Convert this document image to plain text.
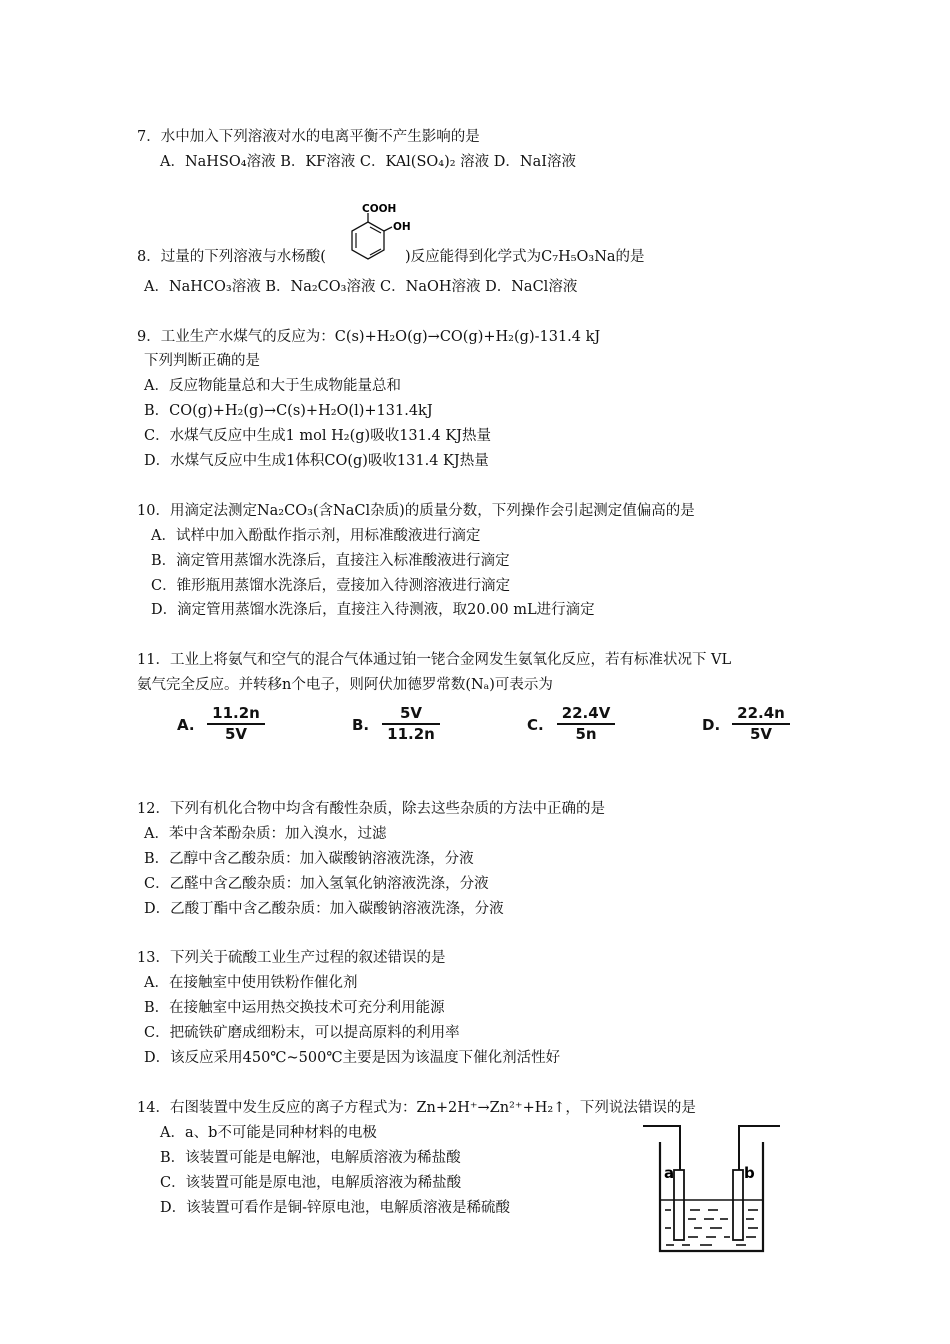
7．水中加入下列溶液对水的电离平衡不产生影响的是
A．NaHSO₄溶液 B．KF溶液 C．KAl(SO₄)₂ 溶液 D．NaI溶液
COOH
OH
8．过量的下列溶液与水杨酸(	)反应能得到化学式为C₇H₅O₃Na的是
A．NaHCO₃溶液 B．Na₂CO₃溶液 C．NaOH溶液 D．NaCl溶液
9．工业生产水煤气的反应为：C(s)+H₂O(g)→CO(g)+H₂(g)-131.4 kJ
下列判断正确的是
A．反应物能量总和大于生成物能量总和
B．CO(g)+H₂(g)→C(s)+H₂O(l)+131.4kJ
C．水煤气反应中生成1 mol H₂(g)吸收131.4 KJ热量
D．水煤气反应中生成1体积CO(g)吸收131.4 KJ热量
10．用滴定法测定Na₂CO₃(含NaCl杂质)的质量分数，下列操作会引起测定值偏高的是
A．试样中加入酚酞作指示剂，用标准酸液进行滴定
B．滴定管用蒸馏水洗涤后，直接注入标准酸液进行滴定
C．锥形瓶用蒸馏水洗涤后，壹接加入待测溶液进行滴定
D．滴定管用蒸馏水洗涤后，直接注入待测液，取20.00 mL进行滴定
11．工业上将氨气和空气的混合气体通过铂一铑合金网发生氨氧化反应，若有标准状况下 VL
氨气完全反应。并转移n个电子，则阿伏加德罗常数(Nₐ)可表示为
A.
11.2n
5V	B.
5V
11.2n	C.
22.4V
5n	D.
22.4n
5V
12．下列有机化合物中均含有酸性杂质，除去这些杂质的方法中正确的是
A．苯中含苯酚杂质：加入溴水，过滤
B．乙醇中含乙酸杂质：加入碳酸钠溶液洗涤，分液
C．乙醛中含乙酸杂质：加入氢氧化钠溶液洗涤，分液
D．乙酸丁酯中含乙酸杂质：加入碳酸钠溶液洗涤，分液
13．下列关于硫酸工业生产过程的叙述错误的是
A．在接触室中使用铁粉作催化剂
B．在接触室中运用热交换技术可充分利用能源
C．把硫铁矿磨成细粉末，可以提高原料的利用率
D．该反应采用450℃~500℃主要是因为该温度下催化剂活性好
14．右图装置中发生反应的离子方程式为：Zn+2H⁺→Zn²⁺+H₂↑，下列说法错误的是
A．a、b不可能是同种材料的电极
B．该装置可能是电解池，电解质溶液为稀盐酸
C．该装置可能是原电池，电解质溶液为稀盐酸
D．该装置可看作是铜-锌原电池，电解质溶液是稀硫酸
a	b
